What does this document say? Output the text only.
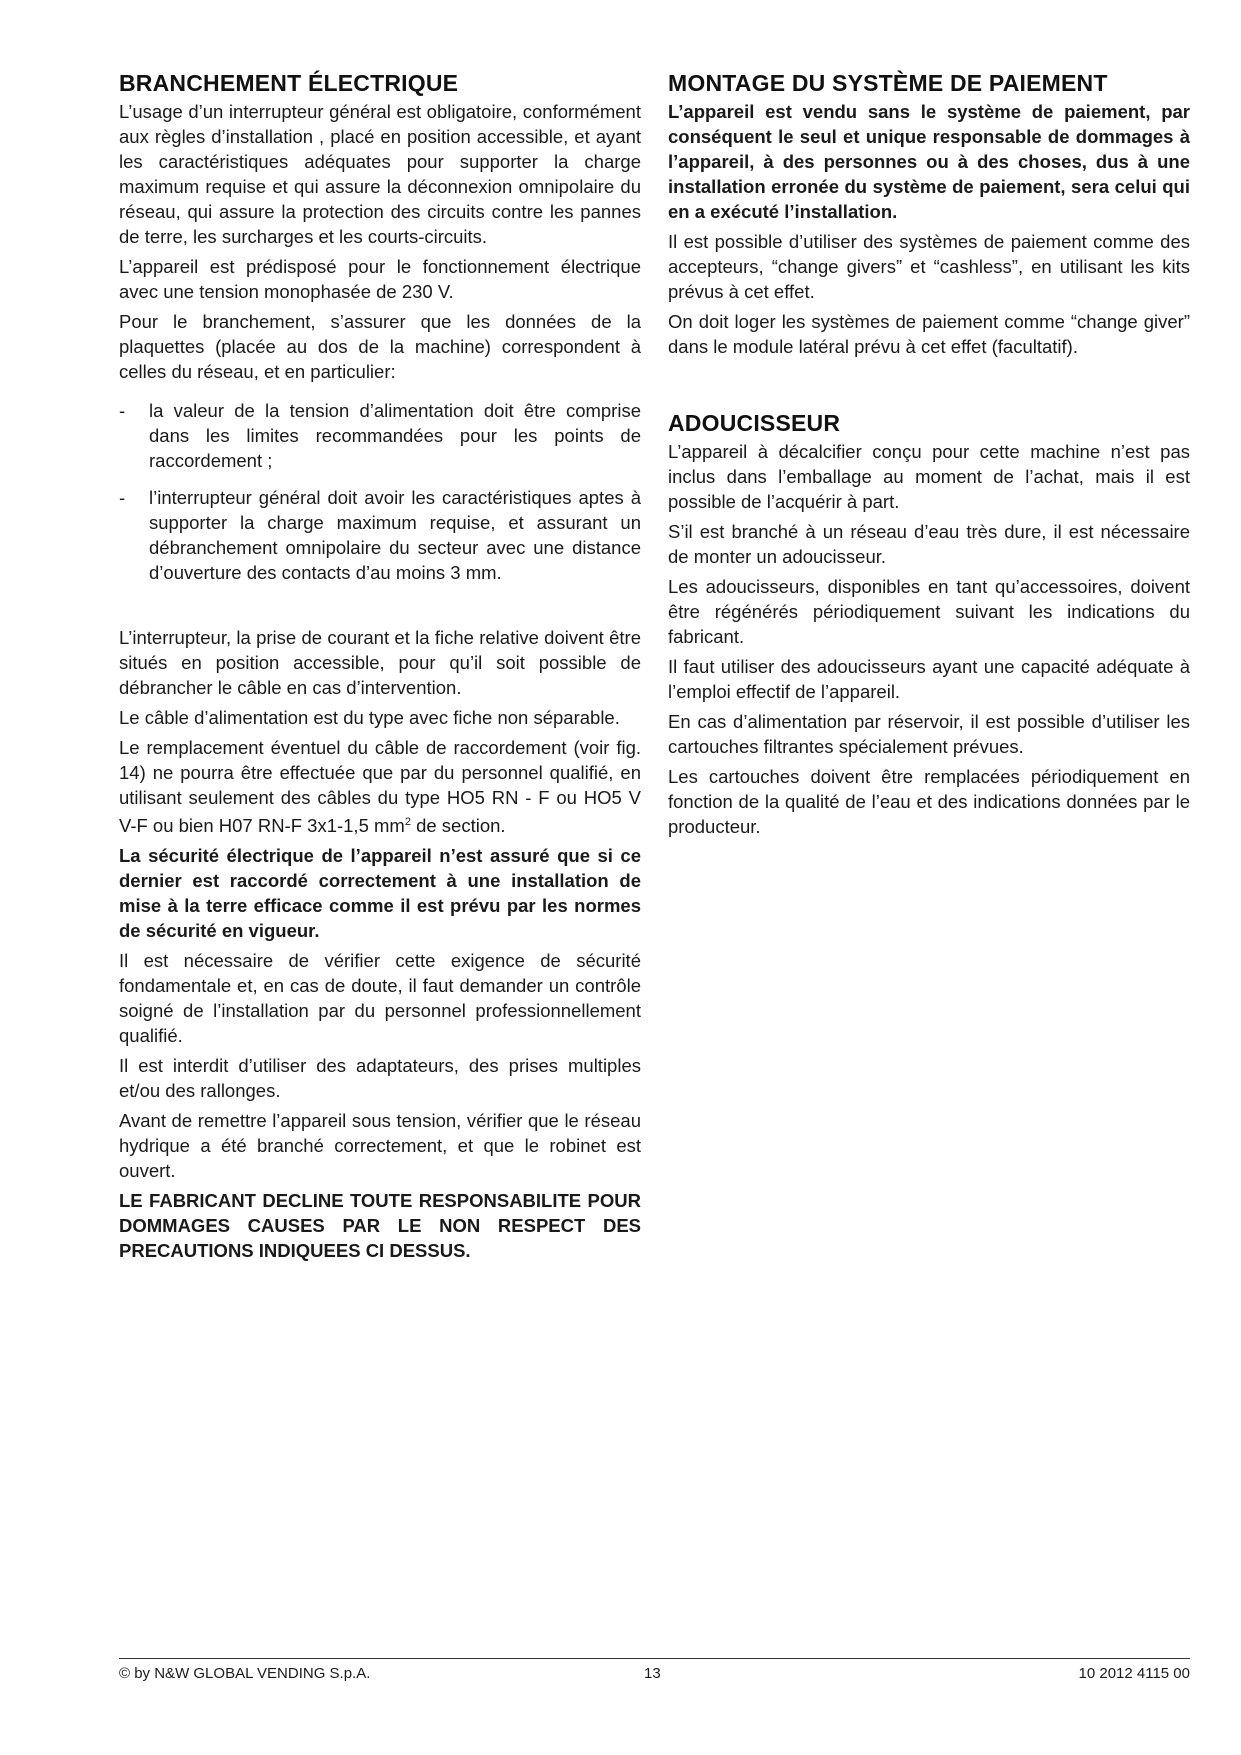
BRANCHEMENT ÉLECTRIQUE

L’usage d’un interrupteur général est obligatoire, conformément aux règles d’installation , placé en position accessible, et ayant les caractéristiques adéquates pour supporter la charge maximum requise et qui assure la déconnexion omnipolaire du réseau, qui assure la protection des circuits contre les pannes de terre, les surcharges et les courts-circuits.

L’appareil est prédisposé pour le fonctionnement électrique avec une tension monophasée de 230 V.

Pour le branchement, s’assurer que les données de la plaquettes (placée au dos de la machine) correspondent à celles du réseau, et en particulier:

- la valeur de la tension d’alimentation doit être comprise dans les limites recommandées pour les points de raccordement ;
- l’interrupteur général doit avoir les caractéristiques aptes à supporter la charge maximum requise, et assurant un débranchement omnipolaire du secteur avec une distance d’ouverture des contacts d’au moins 3 mm.

L’interrupteur, la prise de courant et la fiche relative doivent être situés en position accessible, pour qu’il soit possible de débrancher le câble en cas d’intervention.

Le câble d’alimentation est du type avec fiche non séparable.

Le remplacement éventuel du câble de raccordement (voir fig. 14) ne pourra être effectuée que par du personnel qualifié, en utilisant seulement des câbles du type HO5 RN - F ou HO5 V V-F ou bien H07 RN-F 3x1-1,5 $mm^2$ de section.

La sécurité électrique de l’appareil n’est assuré que si ce dernier est raccordé correctement à une installation de mise à la terre efficace comme il est prévu par les normes de sécurité en vigueur.

Il est nécessaire de vérifier cette exigence de sécurité fondamentale et, en cas de doute, il faut demander un contrôle soigné de l’installation par du personnel professionnellement qualifié.

Il est interdit d’utiliser des adaptateurs, des prises multiples et/ou des rallonges.

Avant de remettre l’appareil sous tension, vérifier que le réseau hydrique a été branché correctement, et que le robinet est ouvert.

LE FABRICANT DECLINE TOUTE RESPONSABILITE POUR DOMMAGES CAUSES PAR LE NON RESPECT DES PRECAUTIONS INDIQUEES CI DESSUS.

MONTAGE DU SYSTÈME DE PAIEMENT

L’appareil est vendu sans le système de paiement, par conséquent le seul et unique responsable de dommages à l’appareil, à des personnes ou à des choses, dus à une installation erronée du système de paiement, sera celui qui en a exécuté l’installation.

Il est possible d’utiliser des systèmes de paiement comme des accepteurs, “change givers” et “cashless”, en utilisant les kits prévus à cet effet.

On doit loger les systèmes de paiement comme “change giver” dans le module latéral prévu à cet effet (facultatif).

ADOUCISSEUR

L’appareil à décalcifier conçu pour cette machine n’est pas inclus dans l’emballage au moment de l’achat, mais il est possible de l’acquérir à part.

S’il est branché à un réseau d’eau très dure, il est nécessaire de monter un adoucisseur.

Les adoucisseurs, disponibles en tant qu’accessoires, doivent être régénérés périodiquement suivant les indications du fabricant.

Il faut utiliser des adoucisseurs ayant une capacité adéquate à l’emploi effectif de l’appareil.

En cas d’alimentation par réservoir, il est possible d’utiliser les cartouches filtrantes spécialement prévues.

Les cartouches doivent être remplacées périodiquement en fonction de la qualité de l’eau et des indications données par le producteur.

© by N&W GLOBAL VENDING S.p.A.	13	10 2012 4115 00
